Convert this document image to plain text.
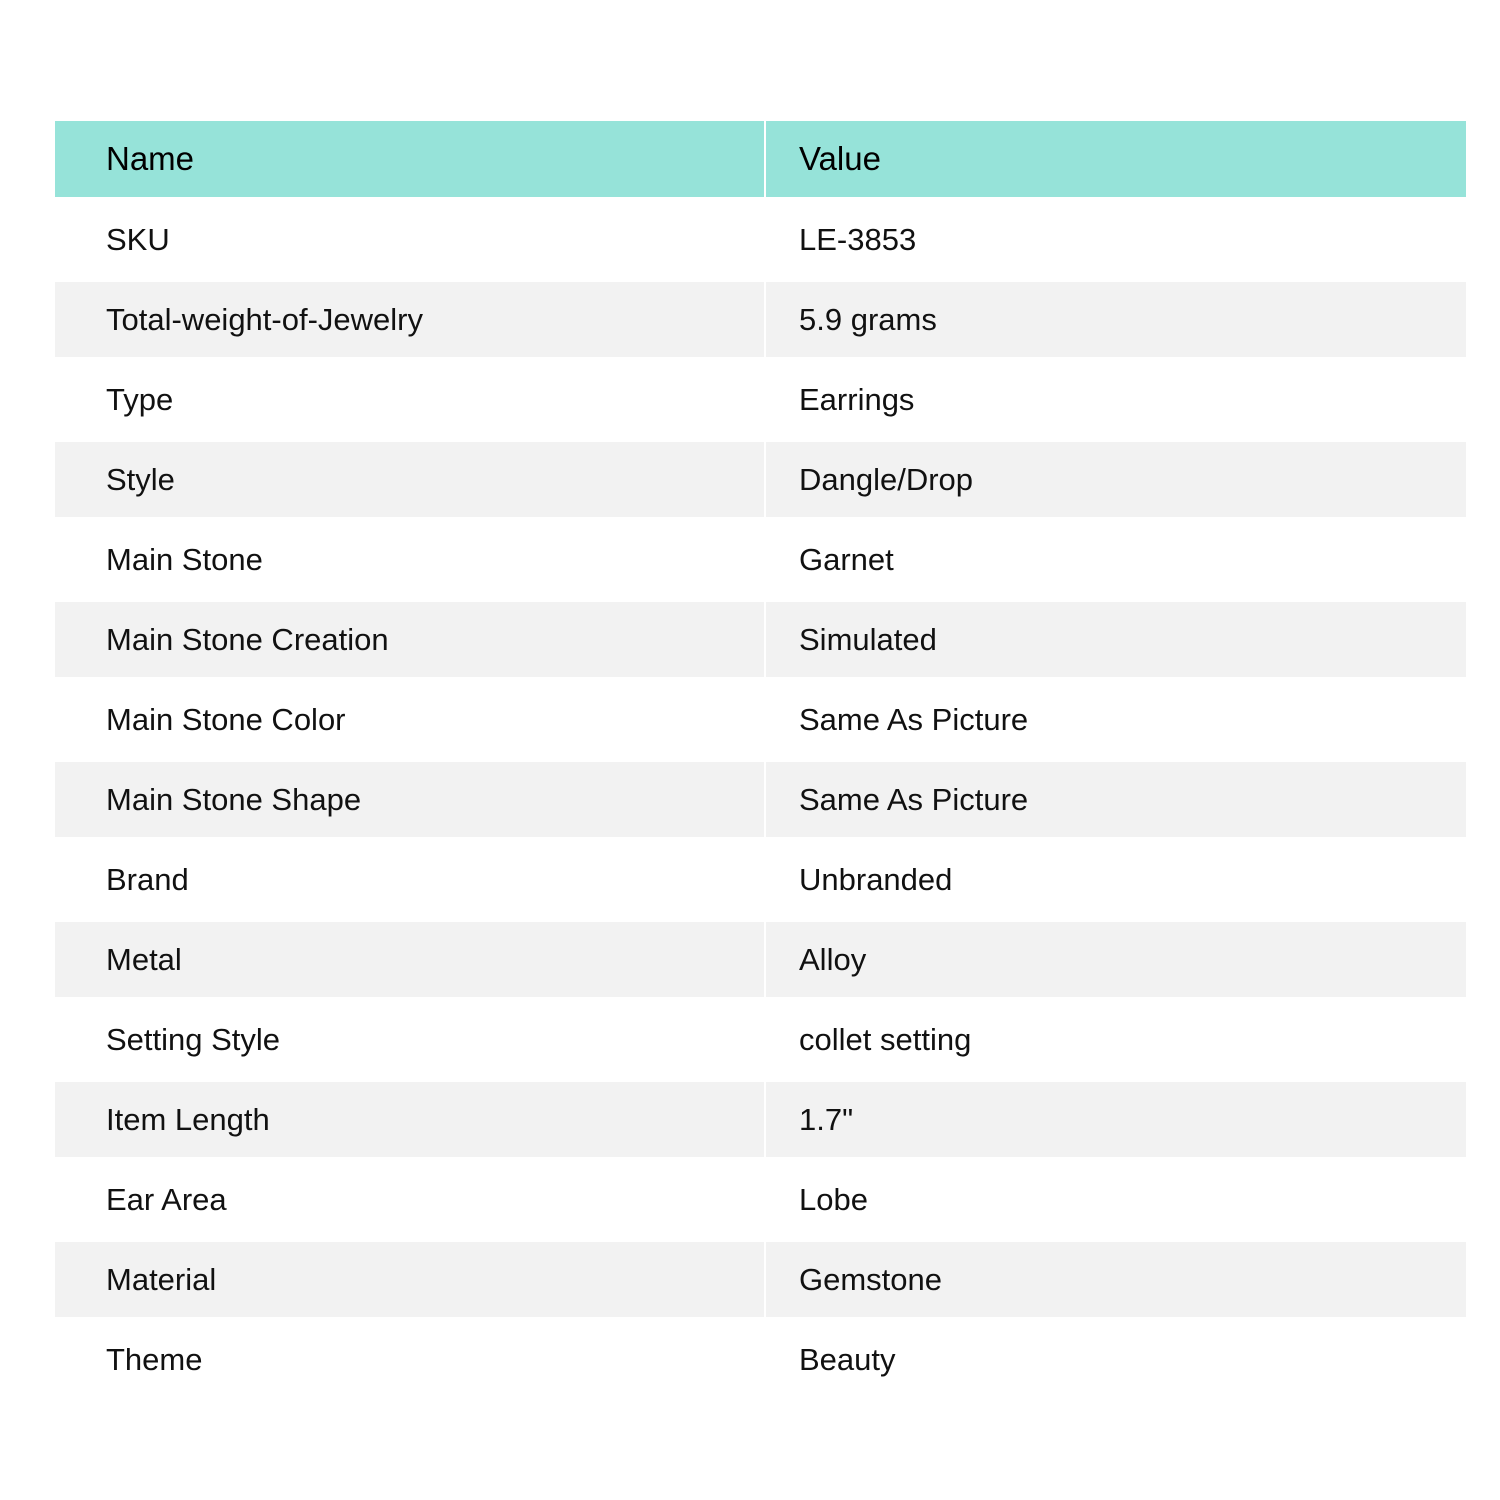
Name	Value
SKU	LE-3853
Total-weight-of-Jewelry	5.9 grams
Type	Earrings
Style	Dangle/Drop
Main Stone	Garnet
Main Stone Creation	Simulated
Main Stone Color	Same As Picture
Main Stone Shape	Same As Picture
Brand	Unbranded
Metal	Alloy
Setting Style	collet setting
Item Length	1.7"
Ear Area	Lobe
Material	Gemstone
Theme	Beauty
